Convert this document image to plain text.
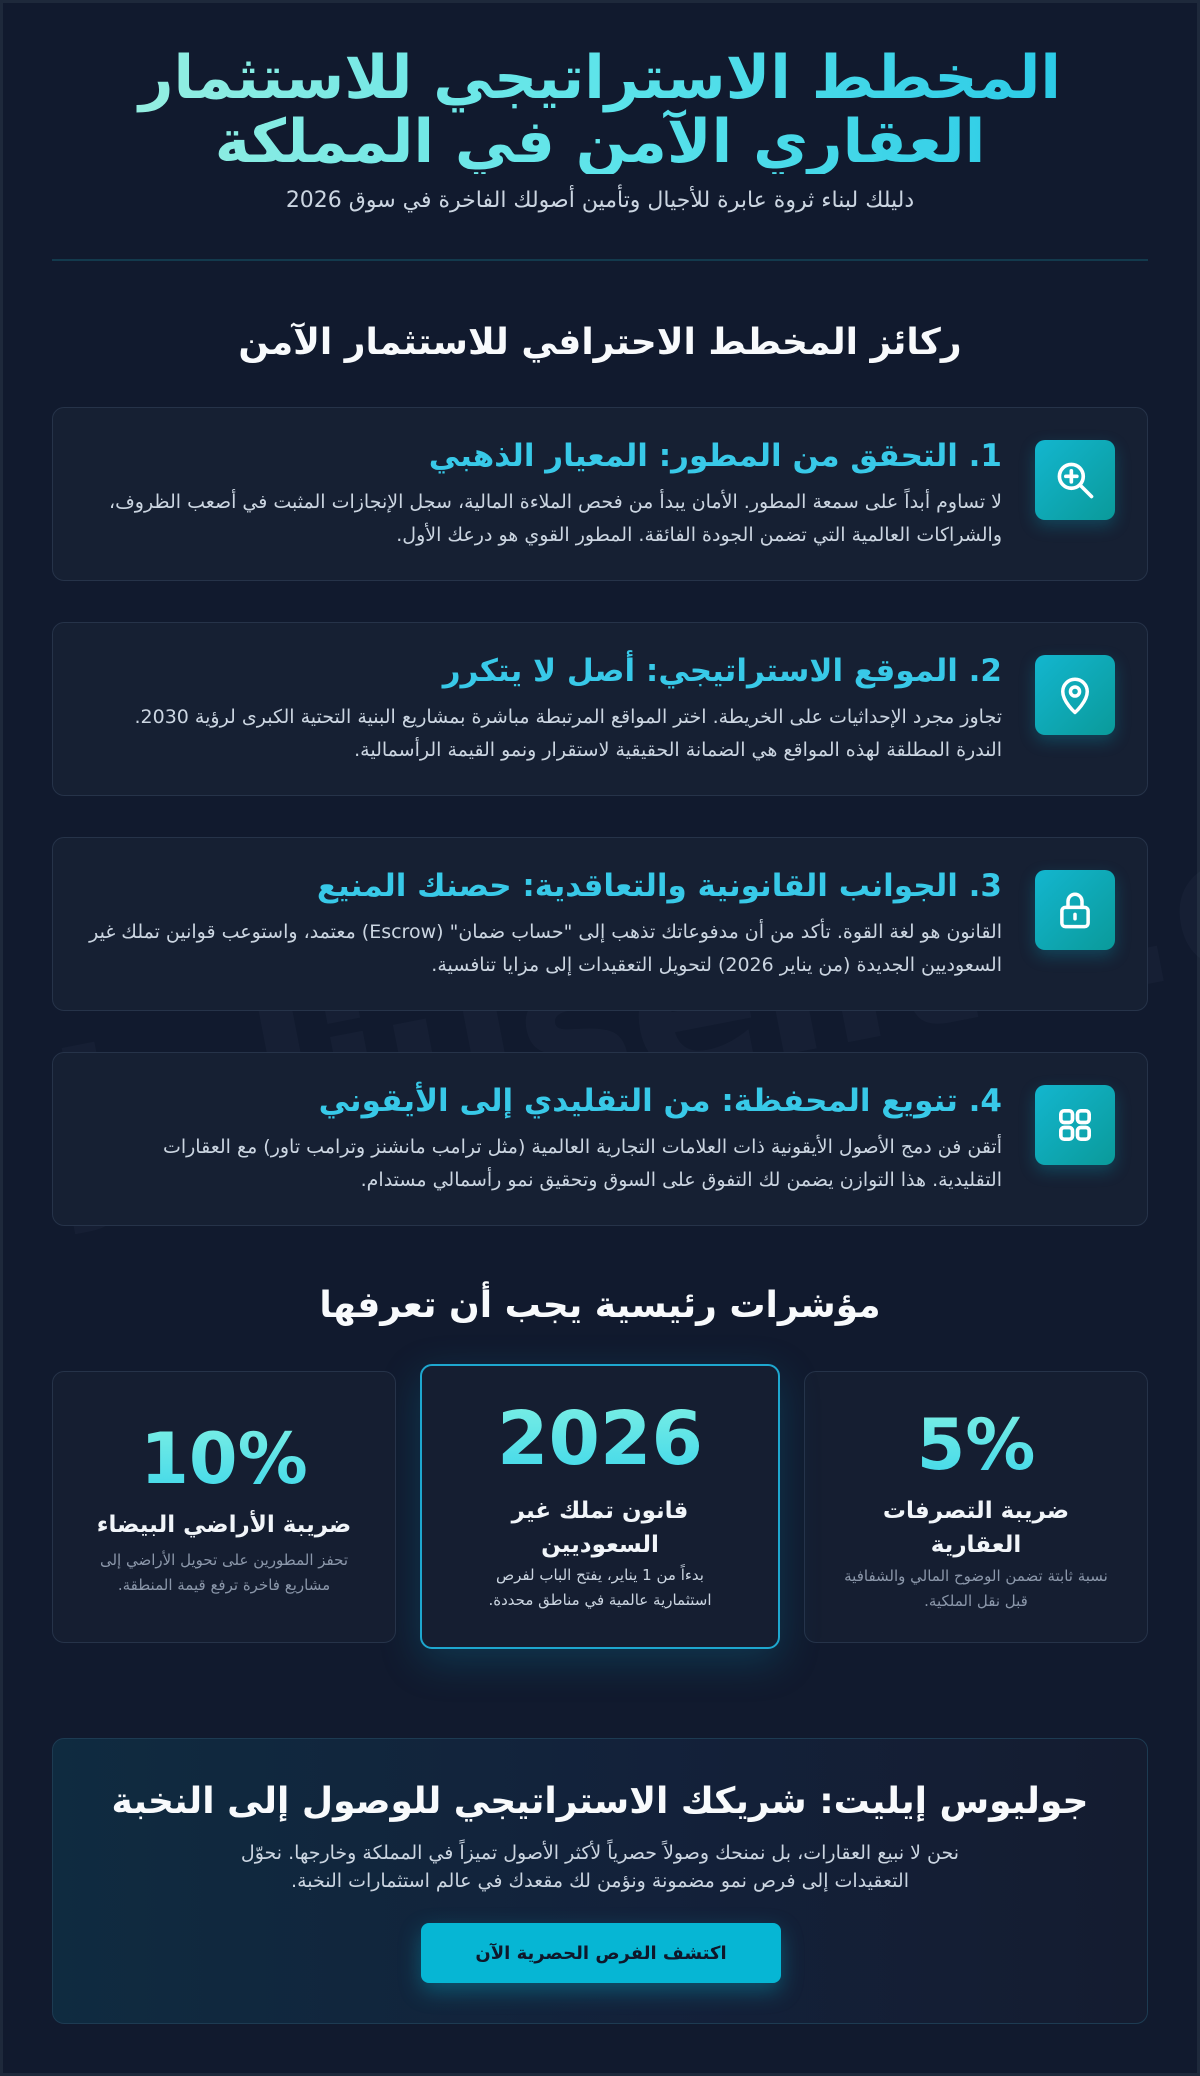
المخطط الاستراتيجي للاستثمار
العقاري الآمن في المملكة

دليلك لبناء ثروة عابرة للأجيال وتأمين أصولك الفاخرة في سوق 2026

ركائز المخطط الاحترافي للاستثمار الآمن
1. التحقق من المطور: المعيار الذهبي

لا تساوم أبداً على سمعة المطور. الأمان يبدأ من فحص الملاءة المالية، سجل الإنجازات المثبت في أصعب الظروف، والشراكات العالمية التي تضمن الجودة الفائقة. المطور القوي هو درعك الأول.

2. الموقع الاستراتيجي: أصل لا يتكرر

تجاوز مجرد الإحداثيات على الخريطة. اختر المواقع المرتبطة مباشرة بمشاريع البنية التحتية الكبرى لرؤية 2030. الندرة المطلقة لهذه المواقع هي الضمانة الحقيقية لاستقرار ونمو القيمة الرأسمالية.

3. الجوانب القانونية والتعاقدية: حصنك المنيع

القانون هو لغة القوة. تأكد من أن مدفوعاتك تذهب إلى "حساب ضمان" (Escrow) معتمد، واستوعب قوانين تملك غير السعوديين الجديدة (من يناير 2026) لتحويل التعقيدات إلى مزايا تنافسية.

4. تنويع المحفظة: من التقليدي إلى الأيقوني

أتقن فن دمج الأصول الأيقونية ذات العلامات التجارية العالمية (مثل ترامب مانشنز وترامب تاور) مع العقارات التقليدية. هذا التوازن يضمن لك التفوق على السوق وتحقيق نمو رأسمالي مستدام.

مؤشرات رئيسية يجب أن تعرفها
5%
ضريبة التصرفات العقارية
نسبة ثابتة تضمن الوضوح المالي والشفافية قبل نقل الملكية.
2026
قانون تملك غير السعوديين
بدءاً من 1 يناير، يفتح الباب لفرص استثمارية عالمية في مناطق محددة.
10%
ضريبة الأراضي البيضاء
تحفز المطورين على تحويل الأراضي إلى مشاريع فاخرة ترفع قيمة المنطقة.
جوليوس إيليت: شريكك الاستراتيجي للوصول إلى النخبة

نحن لا نبيع العقارات، بل نمنحك وصولاً حصرياً لأكثر الأصول تميزاً في المملكة وخارجها. نحوّل التعقيدات إلى فرص نمو مضمونة ونؤمن لك مقعدك في عالم استثمارات النخبة.

اكتشف الفرص الحصرية الآن
